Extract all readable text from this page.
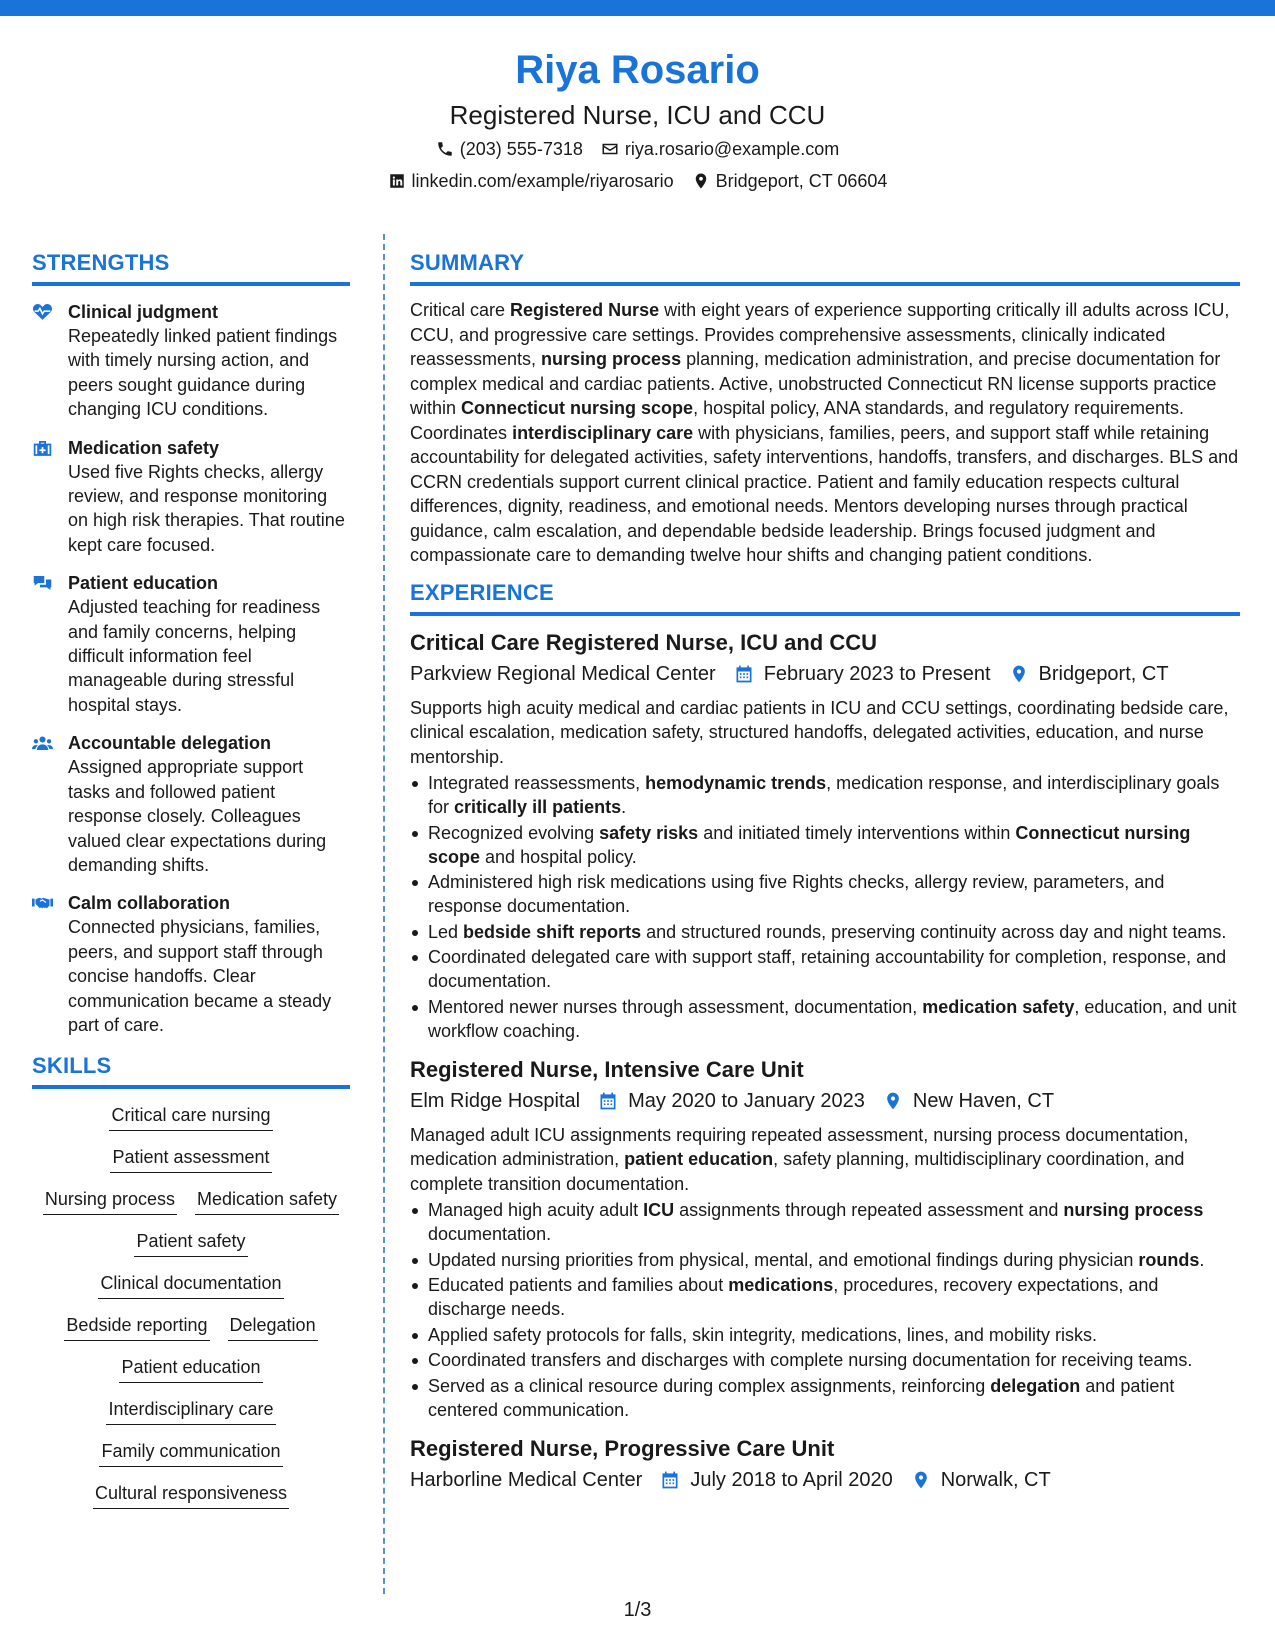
Riya Rosario
Registered Nurse, ICU and CCU
(203) 555-7318 riya.rosario@example.com
linkedin.com/example/riyarosario Bridgeport, CT 06604
STRENGTHS
Clinical judgment
Repeatedly linked patient findings with timely nursing action, and peers sought guidance during changing ICU conditions.
Medication safety
Used five Rights checks, allergy review, and response monitoring on high risk therapies. That routine kept care focused.
Patient education
Adjusted teaching for readiness and family concerns, helping difficult information feel manageable during stressful hospital stays.
Accountable delegation
Assigned appropriate support tasks and followed patient response closely. Colleagues valued clear expectations during demanding shifts.
Calm collaboration
Connected physicians, families, peers, and support staff through concise handoffs. Clear communication became a steady part of care.
SKILLS
Critical care nursing
Patient assessment
Nursing process Medication safety
Patient safety
Clinical documentation
Bedside reporting Delegation
Patient education
Interdisciplinary care
Family communication
Cultural responsiveness
SUMMARY

Critical care Registered Nurse with eight years of experience supporting critically ill adults across ICU, CCU, and progressive care settings. Provides comprehensive assessments, clinically indicated reassessments, nursing process planning, medication administration, and precise documentation for complex medical and cardiac patients. Active, unobstructed Connecticut RN license supports practice within Connecticut nursing scope, hospital policy, ANA standards, and regulatory requirements. Coordinates interdisciplinary care with physicians, families, peers, and support staff while retaining accountability for delegated activities, safety interventions, handoffs, transfers, and discharges. BLS and CCRN credentials support current clinical practice. Patient and family education respects cultural differences, dignity, readiness, and emotional needs. Mentors developing nurses through practical guidance, calm escalation, and dependable bedside leadership. Brings focused judgment and compassionate care to demanding twelve hour shifts and changing patient conditions.

EXPERIENCE
Critical Care Registered Nurse, ICU and CCU
Parkview Regional Medical Center February 2023 to Present Bridgeport, CT

Supports high acuity medical and cardiac patients in ICU and CCU settings, coordinating bedside care, clinical escalation, medication safety, structured handoffs, delegated activities, education, and nurse mentorship.

Integrated reassessments, hemodynamic trends, medication response, and interdisciplinary goals for critically ill patients.
Recognized evolving safety risks and initiated timely interventions within Connecticut nursing scope and hospital policy.
Administered high risk medications using five Rights checks, allergy review, parameters, and response documentation.
Led bedside shift reports and structured rounds, preserving continuity across day and night teams.
Coordinated delegated care with support staff, retaining accountability for completion, response, and documentation.
Mentored newer nurses through assessment, documentation, medication safety, education, and unit workflow coaching.
Registered Nurse, Intensive Care Unit
Elm Ridge Hospital May 2020 to January 2023 New Haven, CT

Managed adult ICU assignments requiring repeated assessment, nursing process documentation, medication administration, patient education, safety planning, multidisciplinary coordination, and complete transition documentation.

Managed high acuity adult ICU assignments through repeated assessment and nursing process documentation.
Updated nursing priorities from physical, mental, and emotional findings during physician rounds.
Educated patients and families about medications, procedures, recovery expectations, and discharge needs.
Applied safety protocols for falls, skin integrity, medications, lines, and mobility risks.
Coordinated transfers and discharges with complete nursing documentation for receiving teams.
Served as a clinical resource during complex assignments, reinforcing delegation and patient centered communication.
Registered Nurse, Progressive Care Unit
Harborline Medical Center July 2018 to April 2020 Norwalk, CT
1/3
